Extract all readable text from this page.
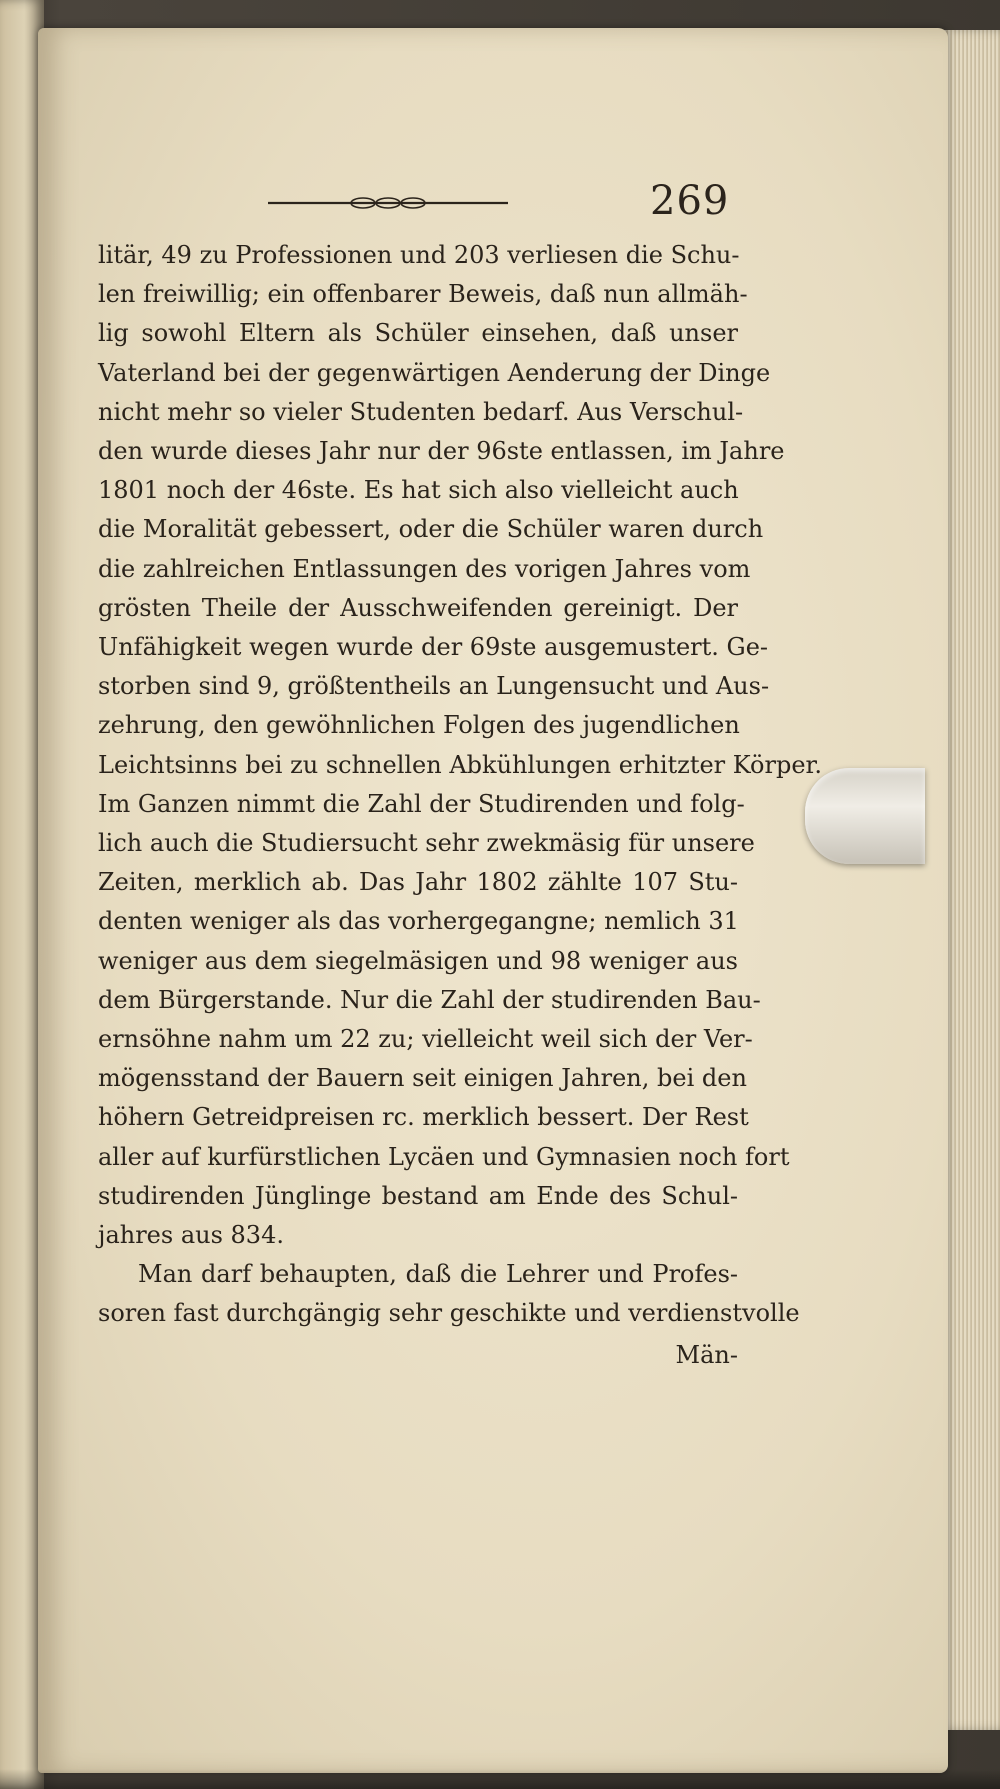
269
litär, 49 zu Professionen und 203 verliesen die Schu-
len freiwillig; ein offenbarer Beweis, daß nun allmäh-
lig sowohl Eltern als Schüler einsehen, daß unser
Vaterland bei der gegenwärtigen Aenderung der Dinge
nicht mehr so vieler Studenten bedarf. Aus Verschul-
den wurde dieses Jahr nur der 96ste entlassen, im Jahre
1801 noch der 46ste. Es hat sich also vielleicht auch
die Moralität gebessert, oder die Schüler waren durch
die zahlreichen Entlassungen des vorigen Jahres vom
grösten Theile der Ausschweifenden gereinigt. Der
Unfähigkeit wegen wurde der 69ste ausgemustert. Ge-
storben sind 9, größtentheils an Lungensucht und Aus-
zehrung, den gewöhnlichen Folgen des jugendlichen
Leichtsinns bei zu schnellen Abkühlungen erhitzter Körper.
Im Ganzen nimmt die Zahl der Studirenden und folg-
lich auch die Studiersucht sehr zwekmäsig für unsere
Zeiten, merklich ab. Das Jahr 1802 zählte 107 Stu-
denten weniger als das vorhergegangne; nemlich 31
weniger aus dem siegelmäsigen und 98 weniger aus
dem Bürgerstande. Nur die Zahl der studirenden Bau-
ernsöhne nahm um 22 zu; vielleicht weil sich der Ver-
mögensstand der Bauern seit einigen Jahren, bei den
höhern Getreidpreisen rc. merklich bessert. Der Rest
aller auf kurfürstlichen Lycäen und Gymnasien noch fort
studirenden Jünglinge bestand am Ende des Schul-
jahres aus 834.
Man darf behaupten, daß die Lehrer und Profes-
soren fast durchgängig sehr geschikte und verdienstvolle
Män-
